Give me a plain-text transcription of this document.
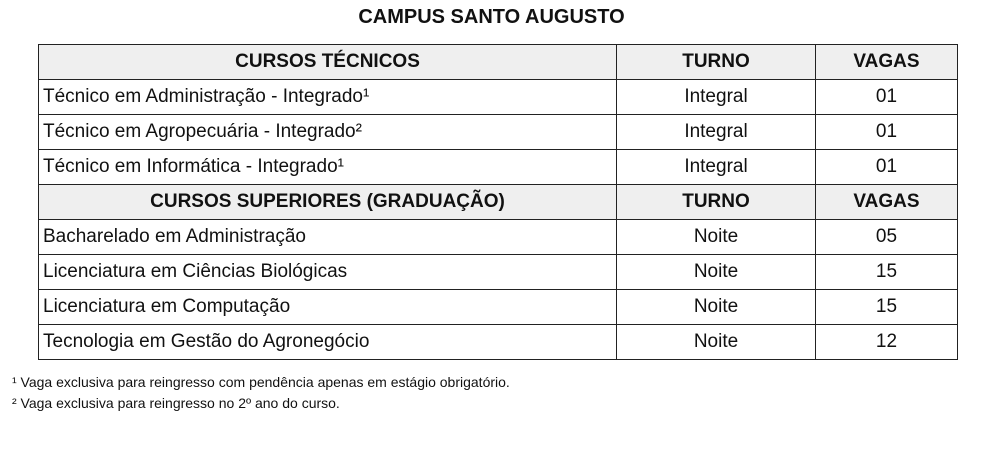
CAMPUS SANTO AUGUSTO
CURSOS TÉCNICOS	TURNO	VAGAS
Técnico em Administração - Integrado¹	Integral	01
Técnico em Agropecuária - Integrado²	Integral	01
Técnico em Informática - Integrado¹	Integral	01
CURSOS SUPERIORES (GRADUAÇÃO)	TURNO	VAGAS
Bacharelado em Administração	Noite	05
Licenciatura em Ciências Biológicas	Noite	15
Licenciatura em Computação	Noite	15
Tecnologia em Gestão do Agronegócio	Noite	12
¹ Vaga exclusiva para reingresso com pendência apenas em estágio obrigatório.
² Vaga exclusiva para reingresso no 2º ano do curso.
